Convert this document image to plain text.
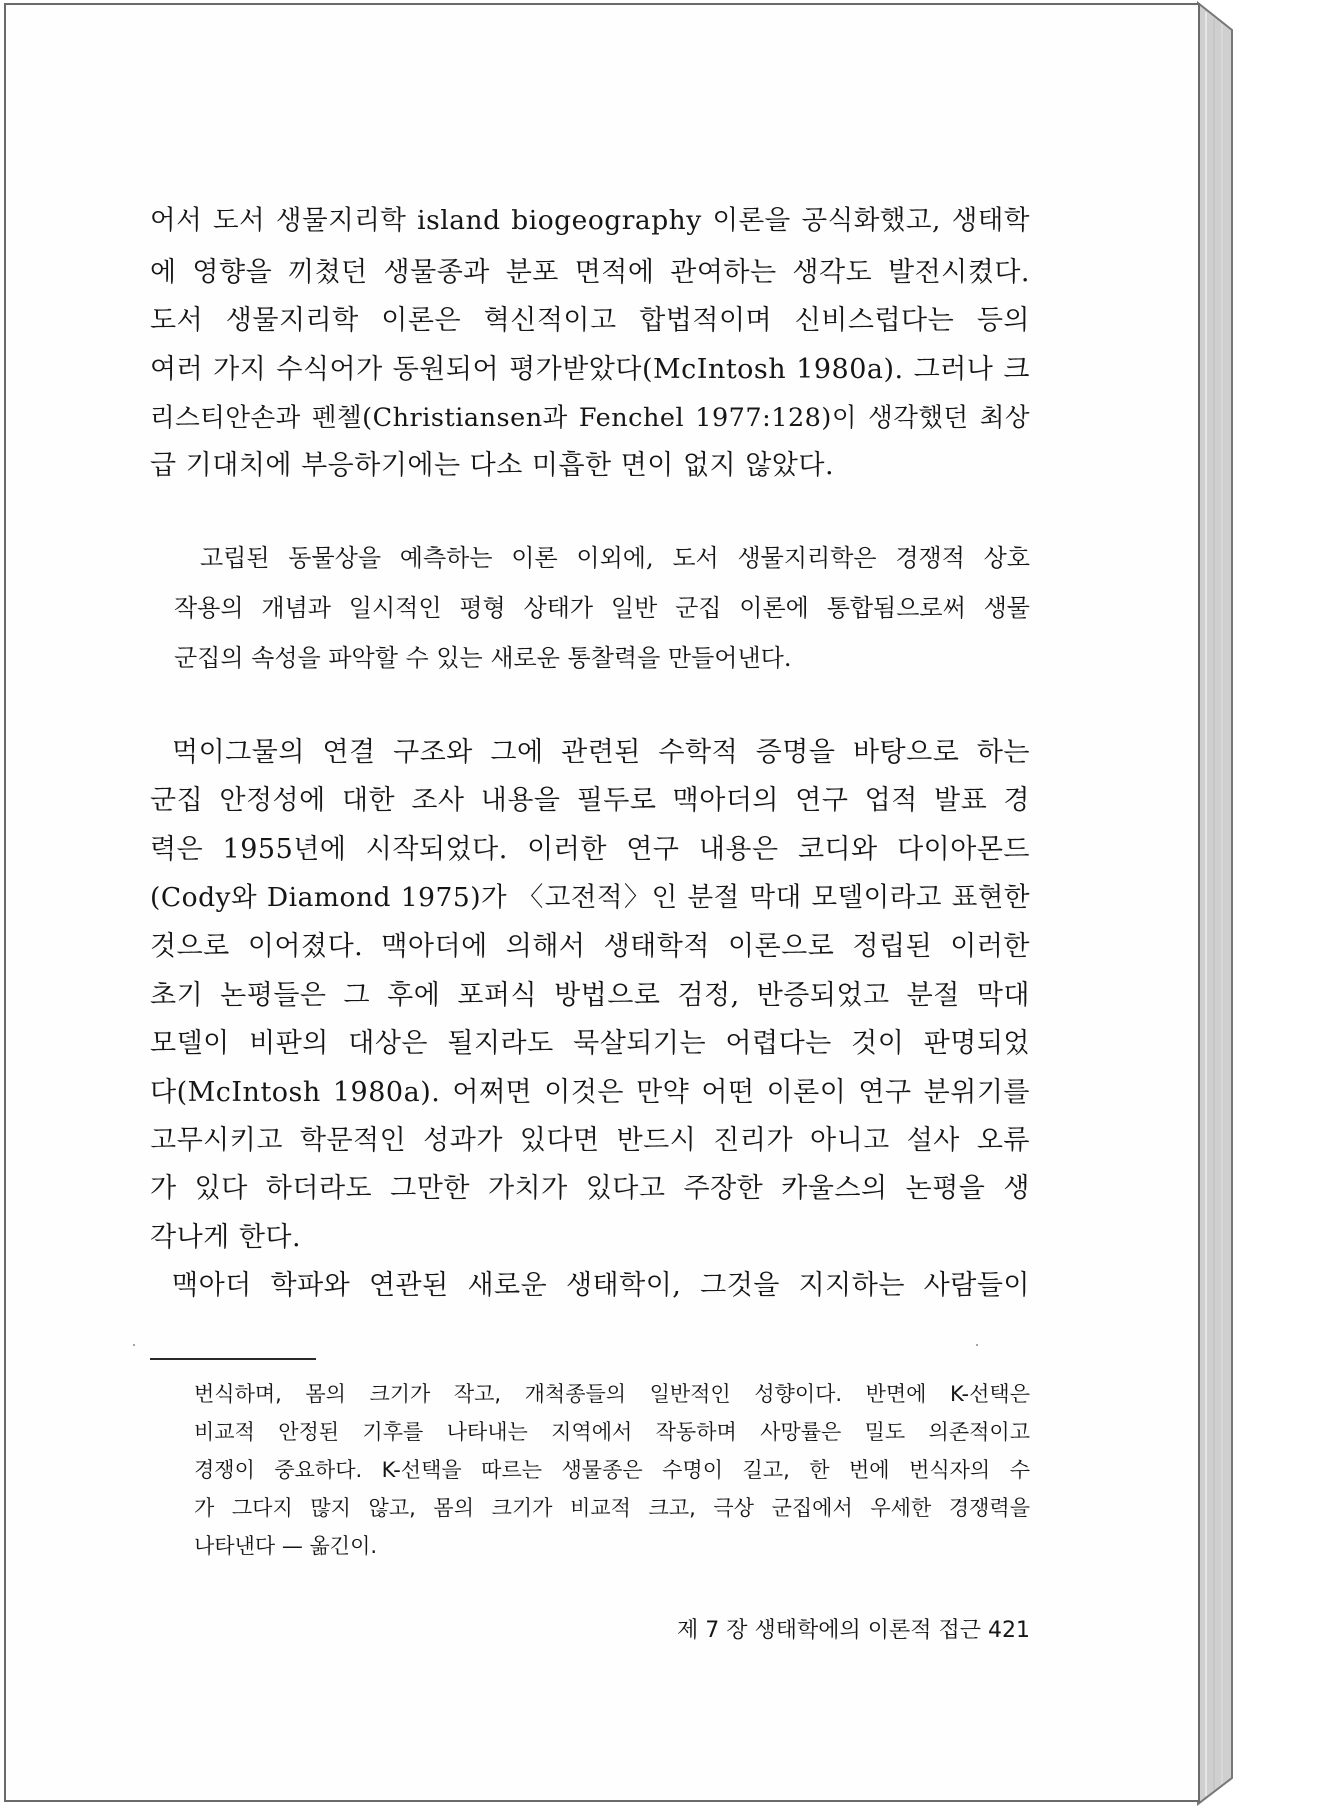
어서 도서 생물지리학 island biogeography 이론을 공식화했고, 생태학
에 영향을 끼쳤던 생물종과 분포 면적에 관여하는 생각도 발전시켰다.
도서 생물지리학 이론은 혁신적이고 합법적이며 신비스럽다는 등의
여러 가지 수식어가 동원되어 평가받았다(McIntosh 1980a). 그러나 크
리스티안손과 펜첼(Christiansen과 Fenchel 1977:128)이 생각했던 최상
급 기대치에 부응하기에는 다소 미흡한 면이 없지 않았다.
고립된 동물상을 예측하는 이론 이외에, 도서 생물지리학은 경쟁적 상호
작용의 개념과 일시적인 평형 상태가 일반 군집 이론에 통합됨으로써 생물
군집의 속성을 파악할 수 있는 새로운 통찰력을 만들어낸다.
먹이그물의 연결 구조와 그에 관련된 수학적 증명을 바탕으로 하는
군집 안정성에 대한 조사 내용을 필두로 맥아더의 연구 업적 발표 경
력은 1955년에 시작되었다. 이러한 연구 내용은 코디와 다이아몬드
(Cody와 Diamond 1975)가 〈고전적〉인 분절 막대 모델이라고 표현한
것으로 이어졌다. 맥아더에 의해서 생태학적 이론으로 정립된 이러한
초기 논평들은 그 후에 포퍼식 방법으로 검정, 반증되었고 분절 막대
모델이 비판의 대상은 될지라도 묵살되기는 어렵다는 것이 판명되었
다(McIntosh 1980a). 어쩌면 이것은 만약 어떤 이론이 연구 분위기를
고무시키고 학문적인 성과가 있다면 반드시 진리가 아니고 설사 오류
가 있다 하더라도 그만한 가치가 있다고 주장한 카울스의 논평을 생
각나게 한다.
맥아더 학파와 연관된 새로운 생태학이, 그것을 지지하는 사람들이
번식하며, 몸의 크기가 작고, 개척종들의 일반적인 성향이다. 반면에 K-선택은
비교적 안정된 기후를 나타내는 지역에서 작동하며 사망률은 밀도 의존적이고
경쟁이 중요하다. K-선택을 따르는 생물종은 수명이 길고, 한 번에 번식자의 수
가 그다지 많지 않고, 몸의 크기가 비교적 크고, 극상 군집에서 우세한 경쟁력을
나타낸다 — 옮긴이.
제 7 장 생태학에의 이론적 접근 421
